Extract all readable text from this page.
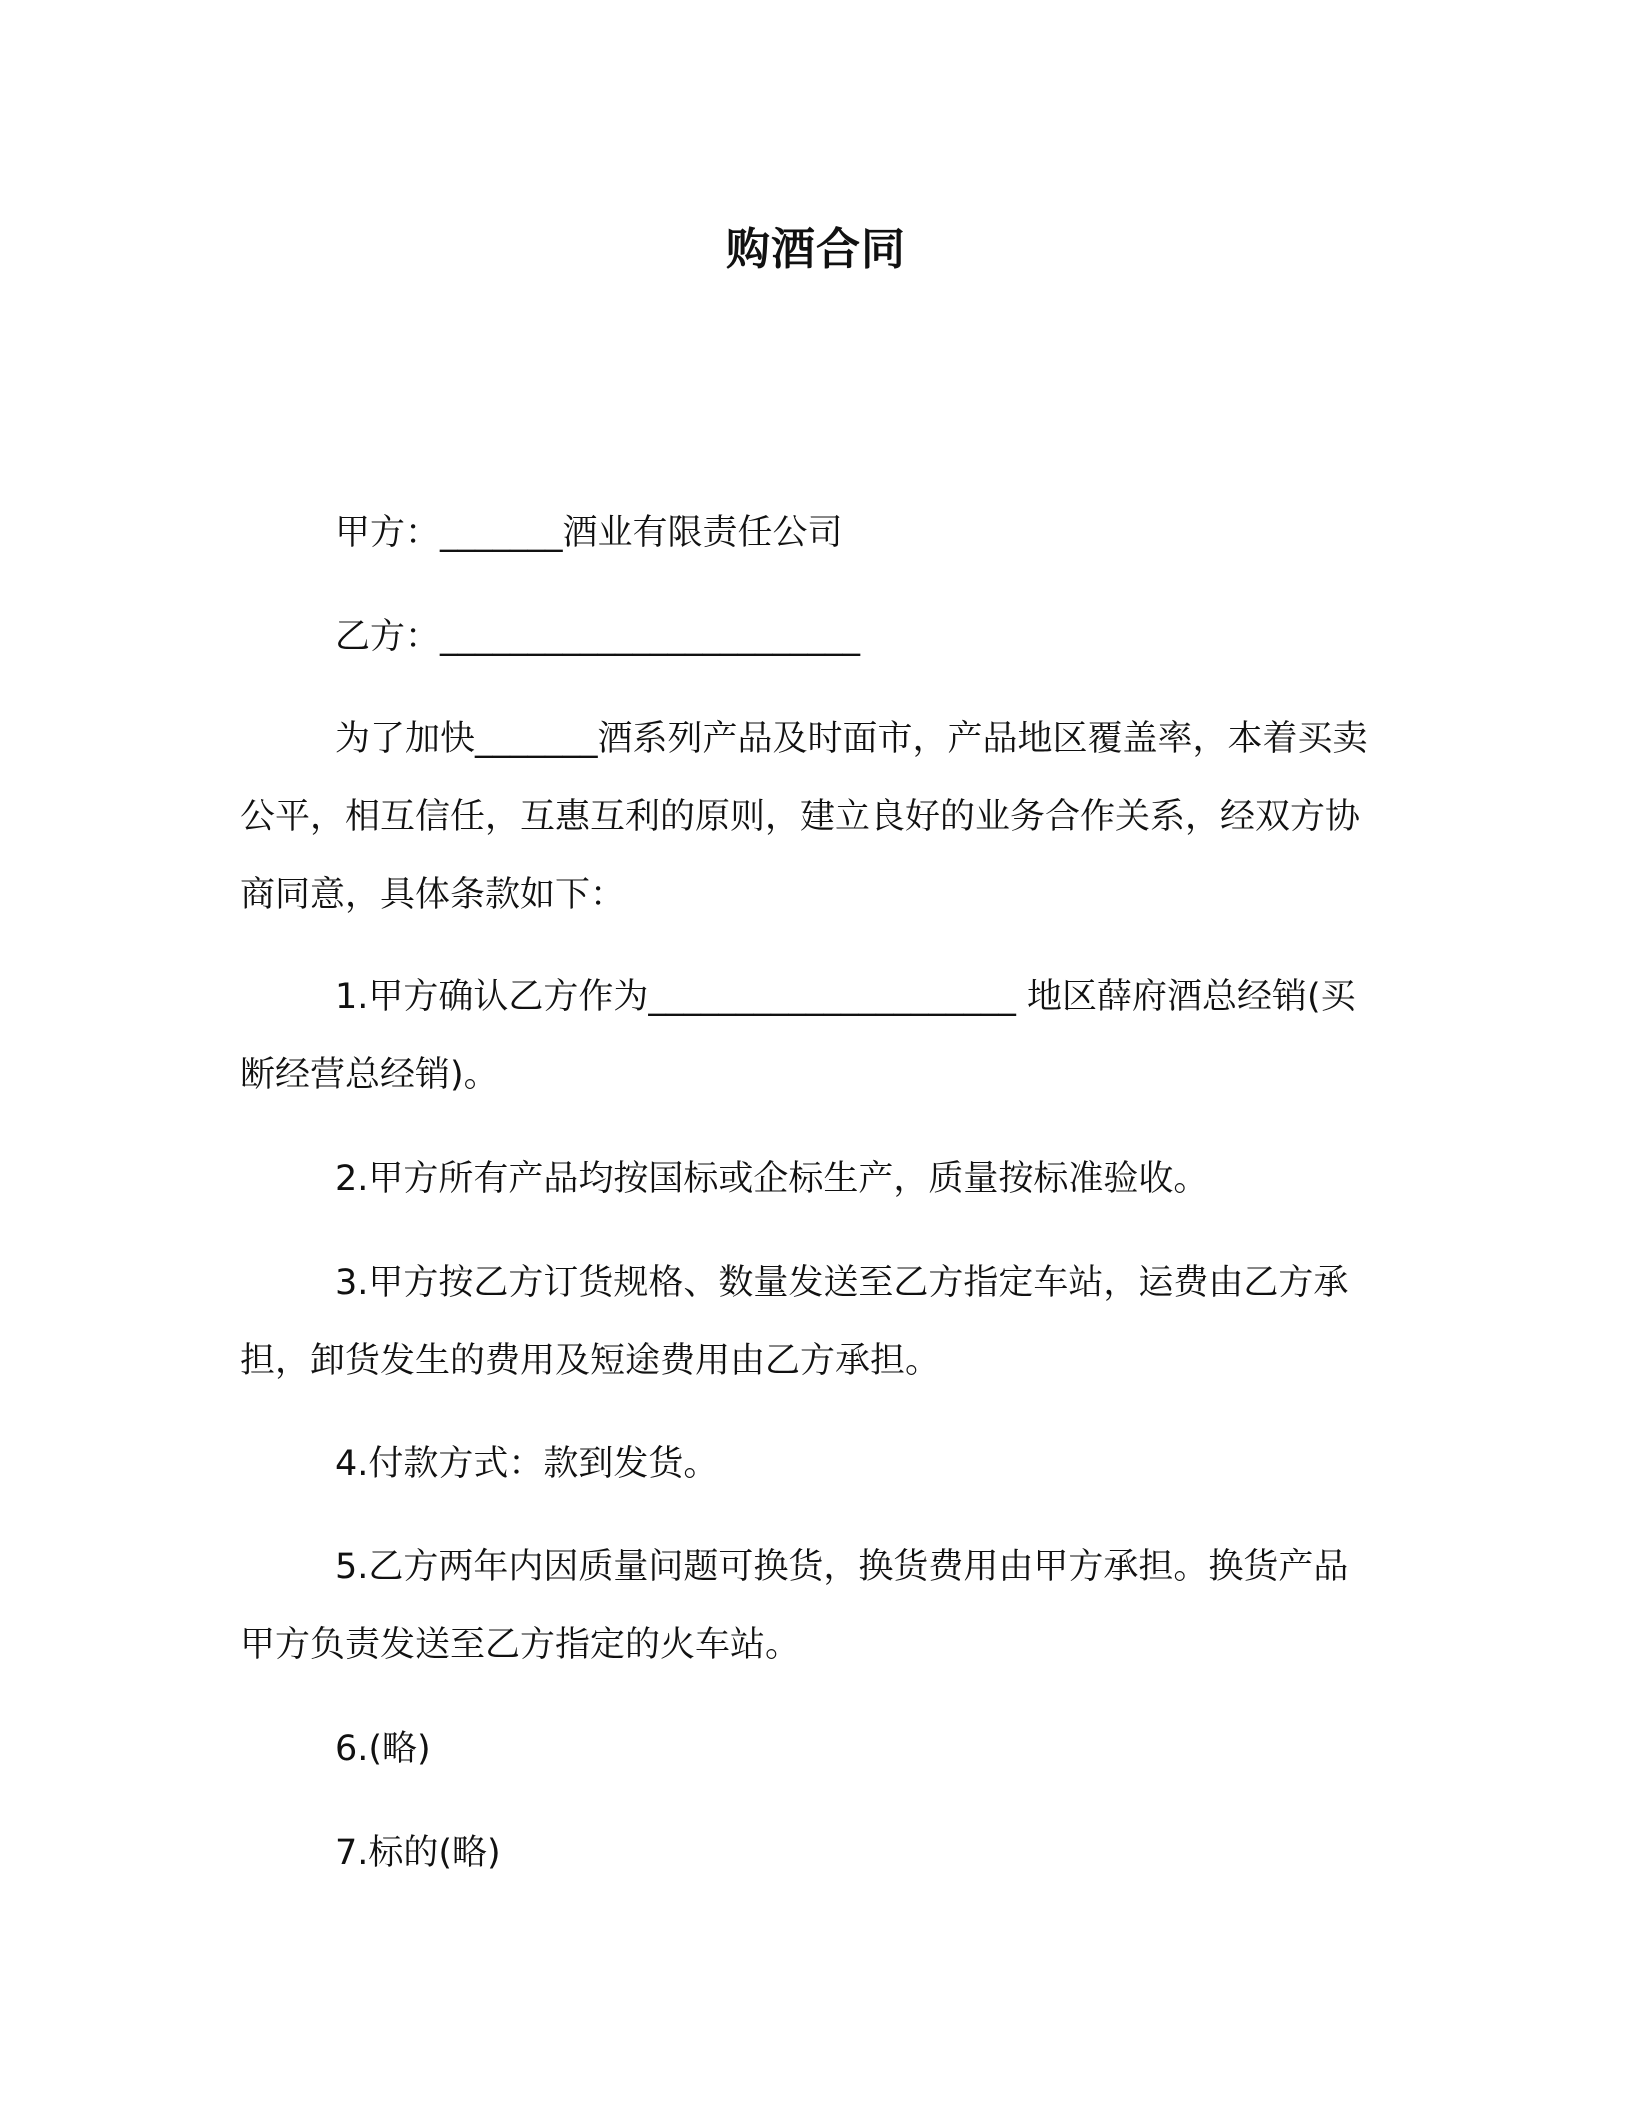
购酒合同

甲方：_______酒业有限责任公司

乙方：________________________

为了加快_______酒系列产品及时面市，产品地区覆盖率，本着买卖公平，相互信任，互惠互利的原则，建立良好的业务合作关系，经双方协商同意，具体条款如下：

1.甲方确认乙方作为_____________________ 地区薛府酒总经销(买断经营总经销)。

2.甲方所有产品均按国标或企标生产，质量按标准验收。

3.甲方按乙方订货规格、数量发送至乙方指定车站，运费由乙方承担，卸货发生的费用及短途费用由乙方承担。

4.付款方式：款到发货。

5.乙方两年内因质量问题可换货，换货费用由甲方承担。换货产品甲方负责发送至乙方指定的火车站。

6.(略)

7.标的(略)
